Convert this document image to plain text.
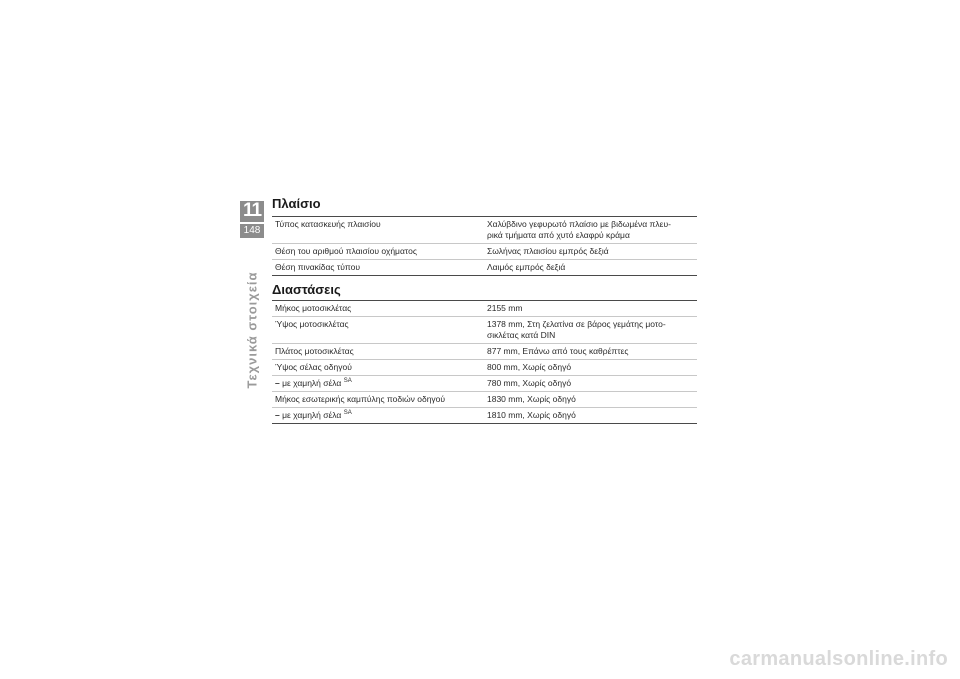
11
148
Τεχνικά στοιχεία
Πλαίσιο
Τύπος κατασκευής πλαισίου	Χαλύβδινο γεφυρωτό πλαίσιο με βιδωμένα πλευ-
ρικά τμήματα από χυτό ελαφρύ κράμα
Θέση του αριθμού πλαισίου οχήματος	Σωλήνας πλαισίου εμπρός δεξιά
Θέση πινακίδας τύπου	Λαιμός εμπρός δεξιά
Διαστάσεις
Μήκος μοτοσικλέτας	2155 mm
Ύψος μοτοσικλέτας	1378 mm, Στη ζελατίνα σε βάρος γεμάτης μοτο-
σικλέτας κατά DIN
Πλάτος μοτοσικλέτας	877 mm, Επάνω από τους καθρέπτες
Ύψος σέλας οδηγού	800 mm, Χωρίς οδηγό
– με χαμηλή σέλα $^{SA}$	780 mm, Χωρίς οδηγό
Μήκος εσωτερικής καμπύλης ποδιών οδηγού	1830 mm, Χωρίς οδηγό
– με χαμηλή σέλα $^{SA}$	1810 mm, Χωρίς οδηγό
carmanualsonline.info
